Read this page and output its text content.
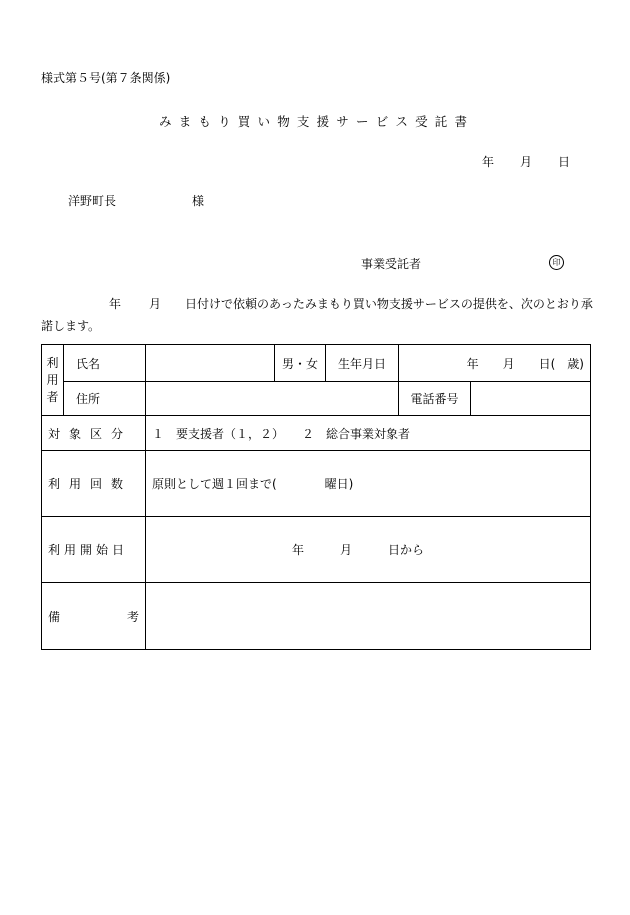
様式第５号(第７条関係)
みまもり買い物支援サービス受託書
年 月 日
洋野町長	様
事業受託者	印
年 月 日付けで依頼のあったみまもり買い物支援サービスの提供を、次のとおり承諾します。
利用者	氏名		男・女	生年月日	年　　月　　日(　歳)	
	住所				電話番号	
対象区分		１　要支援者（１，２）　　２　総合事業対象者				
利用回数		原則として週１回まで(　　　　曜日)				
利用開始日		年　　　月　　　日から				

備 考						
